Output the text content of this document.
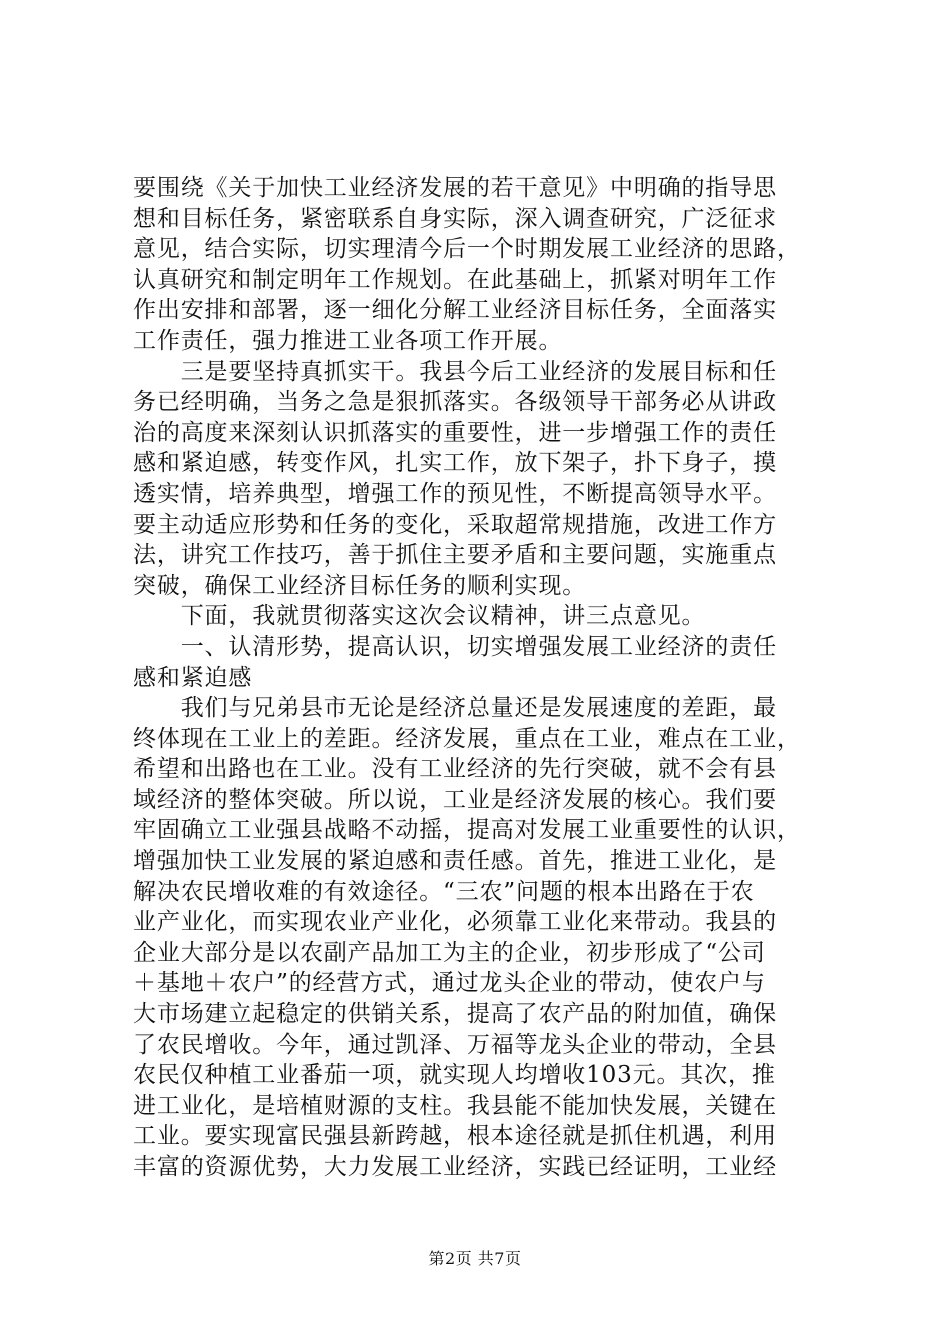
要围绕《关于加快工业经济发展的若干意见》中明确的指导思
想和目标任务，紧密联系自身实际，深入调查研究，广泛征求
意见，结合实际，切实理清今后一个时期发展工业经济的思路，
认真研究和制定明年工作规划。在此基础上，抓紧对明年工作
作出安排和部署，逐一细化分解工业经济目标任务，全面落实
工作责任，强力推进工业各项工作开展。
　　三是要坚持真抓实干。我县今后工业经济的发展目标和任
务已经明确，当务之急是狠抓落实。各级领导干部务必从讲政
治的高度来深刻认识抓落实的重要性，进一步增强工作的责任
感和紧迫感，转变作风，扎实工作，放下架子，扑下身子，摸
透实情，培养典型，增强工作的预见性，不断提高领导水平。
要主动适应形势和任务的变化，采取超常规措施，改进工作方
法，讲究工作技巧，善于抓住主要矛盾和主要问题，实施重点
突破，确保工业经济目标任务的顺利实现。
　　下面，我就贯彻落实这次会议精神，讲三点意见。
　　一、认清形势，提高认识，切实增强发展工业经济的责任
感和紧迫感
　　我们与兄弟县市无论是经济总量还是发展速度的差距，最
终体现在工业上的差距。经济发展，重点在工业，难点在工业，
希望和出路也在工业。没有工业经济的先行突破，就不会有县
域经济的整体突破。所以说，工业是经济发展的核心。我们要
牢固确立工业强县战略不动摇，提高对发展工业重要性的认识，
增强加快工业发展的紧迫感和责任感。首先，推进工业化，是
解决农民增收难的有效途径。“三农”问题的根本出路在于农
业产业化，而实现农业产业化，必须靠工业化来带动。我县的
企业大部分是以农副产品加工为主的企业，初步形成了“公司
＋基地＋农户”的经营方式，通过龙头企业的带动，使农户与
大市场建立起稳定的供销关系，提高了农产品的附加值，确保
了农民增收。今年，通过凯泽、万福等龙头企业的带动，全县
农民仅种植工业番茄一项，就实现人均增收103元。其次，推
进工业化，是培植财源的支柱。我县能不能加快发展，关键在
工业。要实现富民强县新跨越，根本途径就是抓住机遇，利用
丰富的资源优势，大力发展工业经济，实践已经证明，工业经
第2页 共7页
